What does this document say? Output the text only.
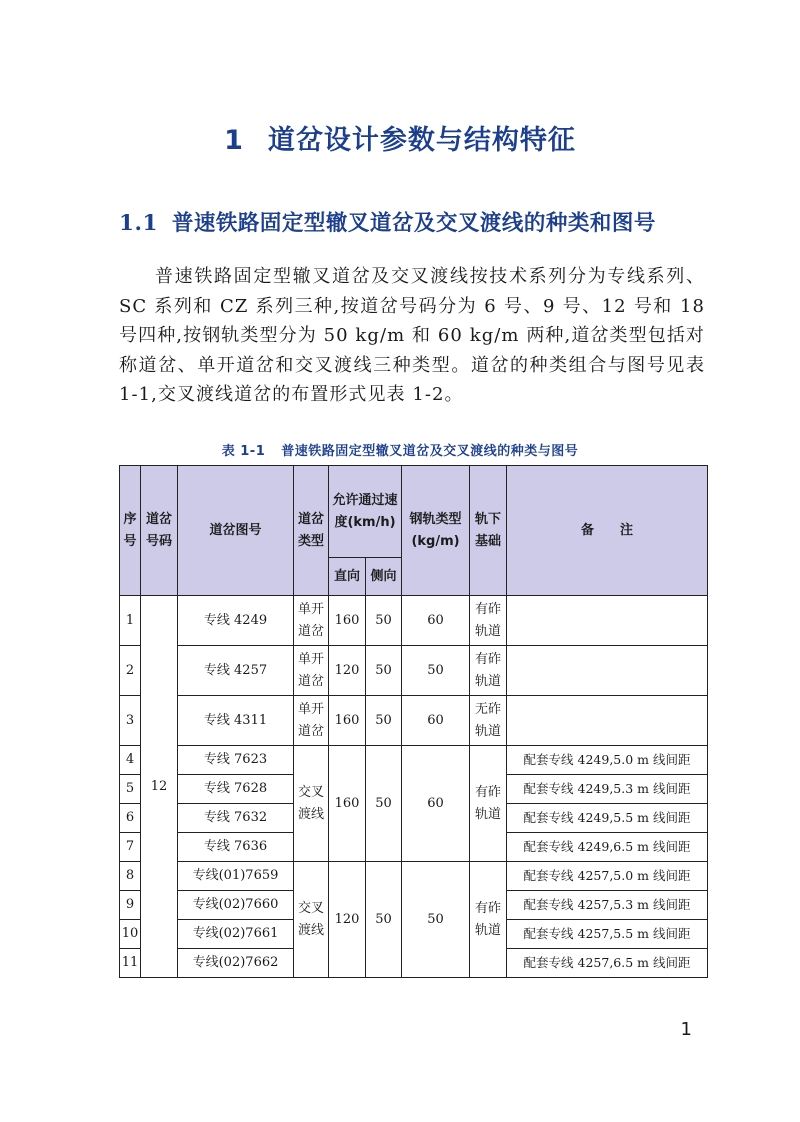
1 道岔设计参数与结构特征
1.1 普速铁路固定型辙叉道岔及交叉渡线的种类和图号

普速铁路固定型辙叉道岔及交叉渡线按技术系列分为专线系列、SC 系列和 CZ 系列三种,按道岔号码分为 6 号、9 号、12 号和 18 号四种,按钢轨类型分为 50 kg/m 和 60 kg/m 两种,道岔类型包括对称道岔、单开道岔和交叉渡线三种类型。道岔的种类组合与图号见表 1-1,交叉渡线道岔的布置形式见表 1-2。

表 1-1 普速铁路固定型辙叉道岔及交叉渡线的种类与图号
序号	道岔号码	道岔图号	道岔类型	允许通过速度(km/h)		钢轨类型(kg/m)	轨下基础	备　　注
				直向	侧向			
1	12	专线 4249	单开道岔	160	50	60	有砟轨道	
2		专线 4257	单开道岔	120	50	50	有砟轨道	
3		专线 4311	单开道岔	160	50	60	无砟轨道	
4		专线 7623	交叉渡线	160	50	60	有砟轨道	配套专线 4249,5.0 m 线间距
5		专线 7628						配套专线 4249,5.3 m 线间距
6		专线 7632						配套专线 4249,5.5 m 线间距
7		专线 7636						配套专线 4249,6.5 m 线间距
8		专线(01)7659	交叉渡线	120	50	50	有砟轨道	配套专线 4257,5.0 m 线间距
9		专线(02)7660						配套专线 4257,5.3 m 线间距
10		专线(02)7661						配套专线 4257,5.5 m 线间距
11		专线(02)7662						配套专线 4257,6.5 m 线间距
1
